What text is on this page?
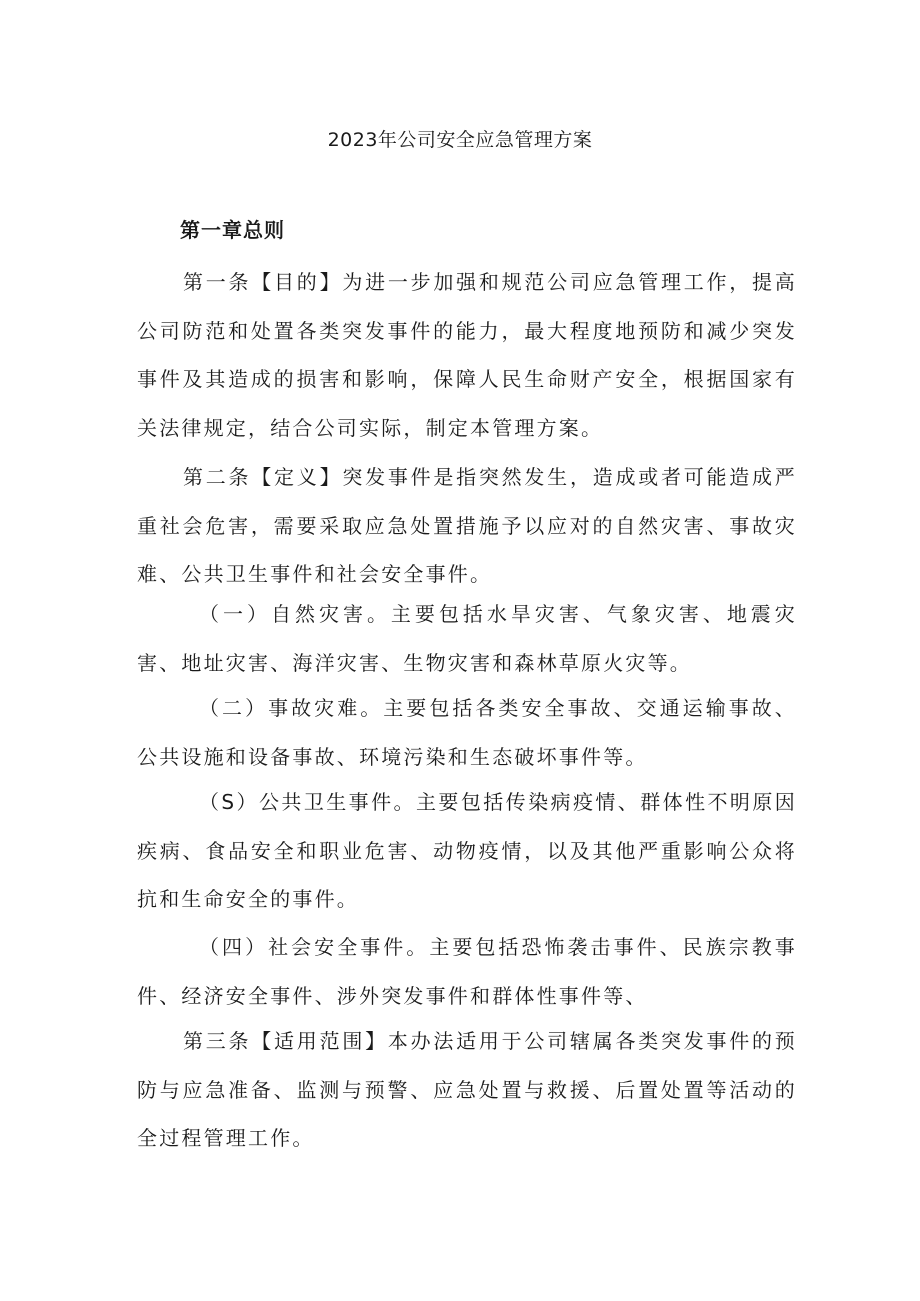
2023年公司安全应急管理方案
第一章总则

第一条【目的】为进一步加强和规范公司应急管理工作，提高公司防范和处置各类突发事件的能力，最大程度地预防和减少突发事件及其造成的损害和影响，保障人民生命财产安全，根据国家有关法律规定，结合公司实际，制定本管理方案。

第二条【定义】突发事件是指突然发生，造成或者可能造成严重社会危害，需要采取应急处置措施予以应对的自然灾害、事故灾难、公共卫生事件和社会安全事件。

（一）自然灾害。主要包括水旱灾害、气象灾害、地震灾害、地址灾害、海洋灾害、生物灾害和森林草原火灾等。

（二）事故灾难。主要包括各类安全事故、交通运输事故、公共设施和设备事故、环境污染和生态破坏事件等。

（S）公共卫生事件。主要包括传染病疫情、群体性不明原因疾病、食品安全和职业危害、动物疫情，以及其他严重影响公众将抗和生命安全的事件。

（四）社会安全事件。主要包括恐怖袭击事件、民族宗教事件、经济安全事件、涉外突发事件和群体性事件等、

第三条【适用范围】本办法适用于公司辖属各类突发事件的预防与应急准备、监测与预警、应急处置与救援、后置处置等活动的全过程管理工作。
